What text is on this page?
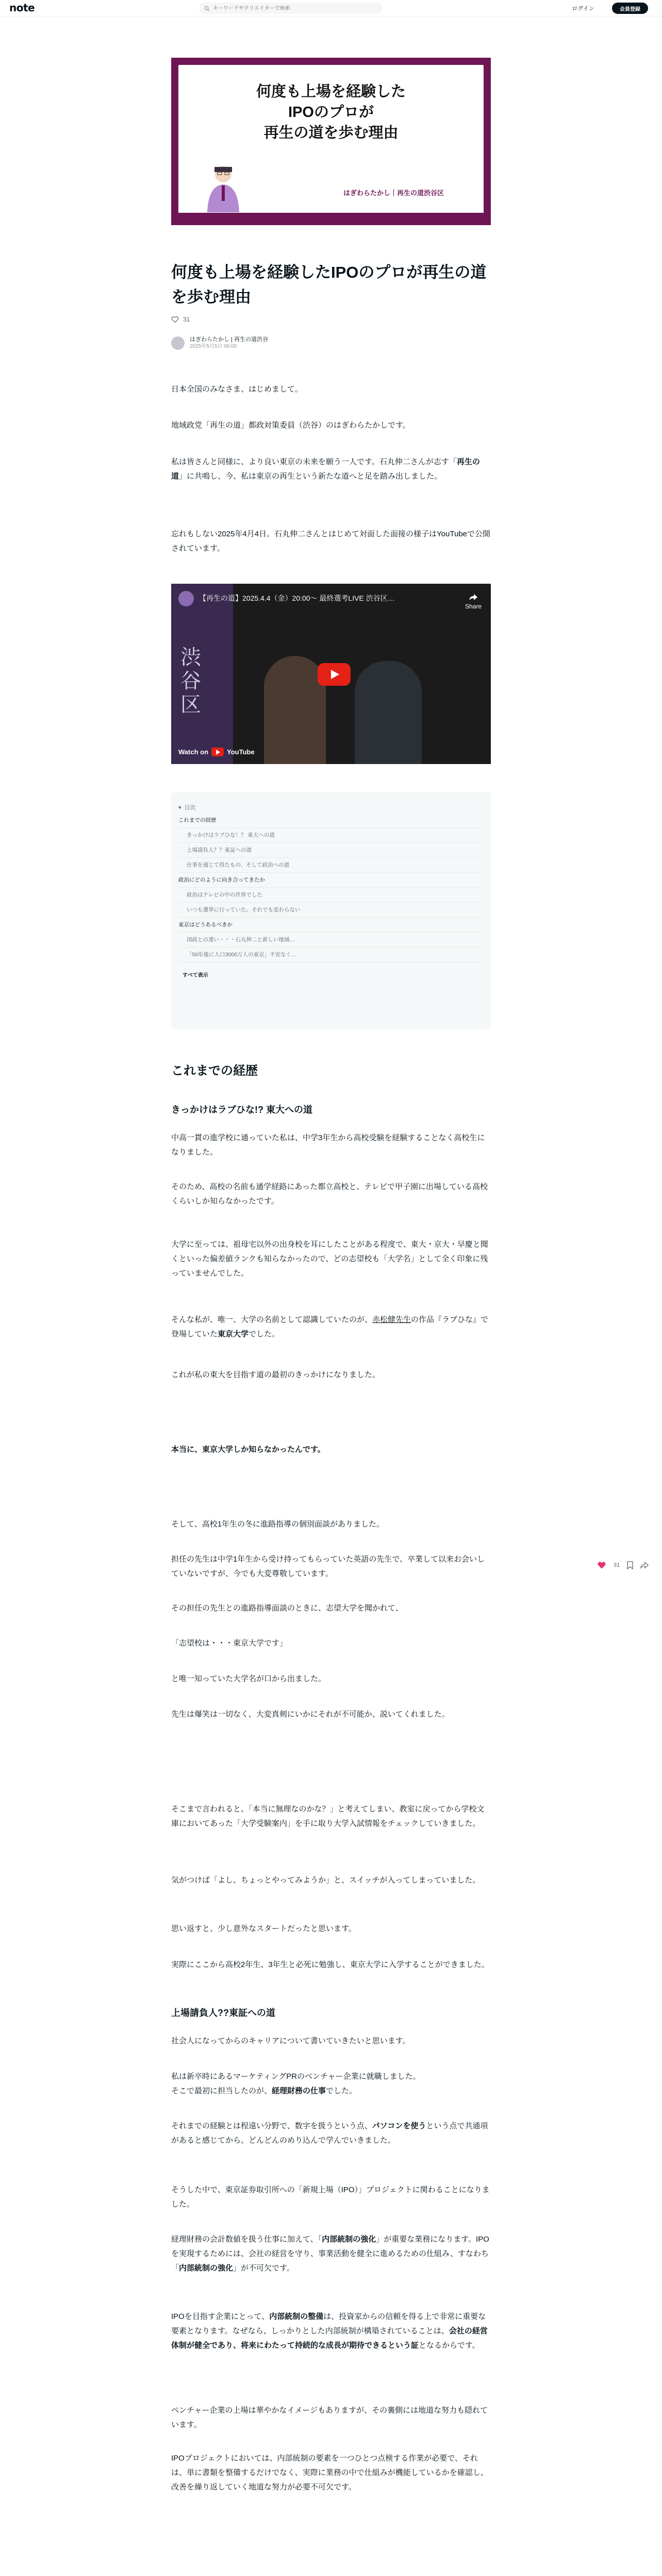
note
キーワードやクリエイターで検索	ログイン	会員登録
何度も上場を経験した
IPOのプロが
再生の道を歩む理由
はぎわらたかし｜再生の道渋谷区
何度も上場を経験したIPOのプロが再生の道を歩む理由
31
はぎわらたかし | 再生の道渋谷
2025年5月5日 06:00

日本全国のみなさま、はじめまして。

地域政党「再生の道」都政対策委員（渋谷）のはぎわらたかしです。

私は皆さんと同様に、より良い東京の未来を願う一人です。石丸伸二さんが志す「再生の道」に共鳴し、今、私は東京の再生という新たな道へと足を踏み出しました。

忘れもしない2025年4月4日。石丸伸二さんとはじめて対面した面接の様子はYouTubeで公開されています。

渋谷区
【再生の道】2025.4.4（金）20:00〜 最終選考LIVE 渋谷区…
Share
Watch on	YouTube
▾ 目次
これまでの経歴
きっかけはラブひな！？ 東大への道
上場請負人？？東証への道
仕事を通じて得たもの、そして政治への道
政治にどのように向き合ってきたか
政治はテレビの中の世界でした
いつも選挙に行っていた。それでも変わらない
東京はどうあるべきか
国政との違い・・・石丸伸二と新しい地域…
「50年後に人口3000万人の東京」不安なく…
すべて表示
これまでの経歴
きっかけはラブひな!? 東大への道

中高一貫の進学校に通っていた私は、中学3年生から高校受験を経験することなく高校生になりました。

そのため、高校の名前も通学経路にあった都立高校と、テレビで甲子園に出場している高校くらいしか知らなかったです。

大学に至っては、祖母宅以外の出身校を耳にしたことがある程度で、東大・京大・早慶と聞くといった偏差値ランクも知らなかったので、どの志望校も「大学名」として全く印象に残っていませんでした。

そんな私が、唯一、大学の名前として認識していたのが、赤松健先生の作品『ラブひな』で登場していた東京大学でした。

これが私の東大を目指す道の最初のきっかけになりました。

本当に、東京大学しか知らなかったんです。

そして、高校1年生の冬に進路指導の個別面談がありました。

担任の先生は中学1年生から受け持ってもらっていた英語の先生で、卒業して以来お会いしていないですが、今でも大変尊敬しています。

その担任の先生との進路指導面談のときに、志望大学を聞かれて、

「志望校は・・・東京大学です」

と唯一知っていた大学名が口から出ました。

先生は爆笑は一切なく、大変真剣にいかにそれが不可能か、説いてくれました。

そこまで言われると、「本当に無理なのかな？」と考えてしまい、教室に戻ってから学校文庫においてあった「大学受験案内」を手に取り大学入試情報をチェックしていきました。

気がつけば「よし、ちょっとやってみようか」と、スイッチが入ってしまっていました。

思い返すと、少し意外なスタートだったと思います。

実際にここから高校2年生、3年生と必死に勉強し、東京大学に入学することができました。

31
上場請負人??東証への道

社会人になってからのキャリアについて書いていきたいと思います。

私は新卒時にあるマーケティングPRのベンチャー企業に就職しました。
そこで最初に担当したのが、経理財務の仕事でした。

それまでの経験とは程遠い分野で、数字を扱うという点、パソコンを使うという点で共通項があると感じてから、どんどんのめり込んで学んでいきました。

そうした中で、東京証券取引所への「新規上場（IPO）」プロジェクトに関わることになりました。

経理財務の会計数値を扱う仕事に加えて、「内部統制の強化」が重要な業務になります。IPOを実現するためには、会社の経営を守り、事業活動を健全に進めるための仕組み、すなわち「内部統制の強化」が不可欠です。

IPOを目指す企業にとって、内部統制の整備は、投資家からの信頼を得る上で非常に重要な要素となります。なぜなら、しっかりとした内部統制が構築されていることは、会社の経営体制が健全であり、将来にわたって持続的な成長が期待できるという証となるからです。

ベンチャー企業の上場は華やかなイメージもありますが、その裏側には地道な努力も隠れています。

IPOプロジェクトにおいては、内部統制の要素を一つひとつ点検する作業が必要で、それは、単に書類を整備するだけでなく、実際に業務の中で仕組みが機能しているかを確認し、改善を繰り返していく地道な努力が必要不可欠です。
